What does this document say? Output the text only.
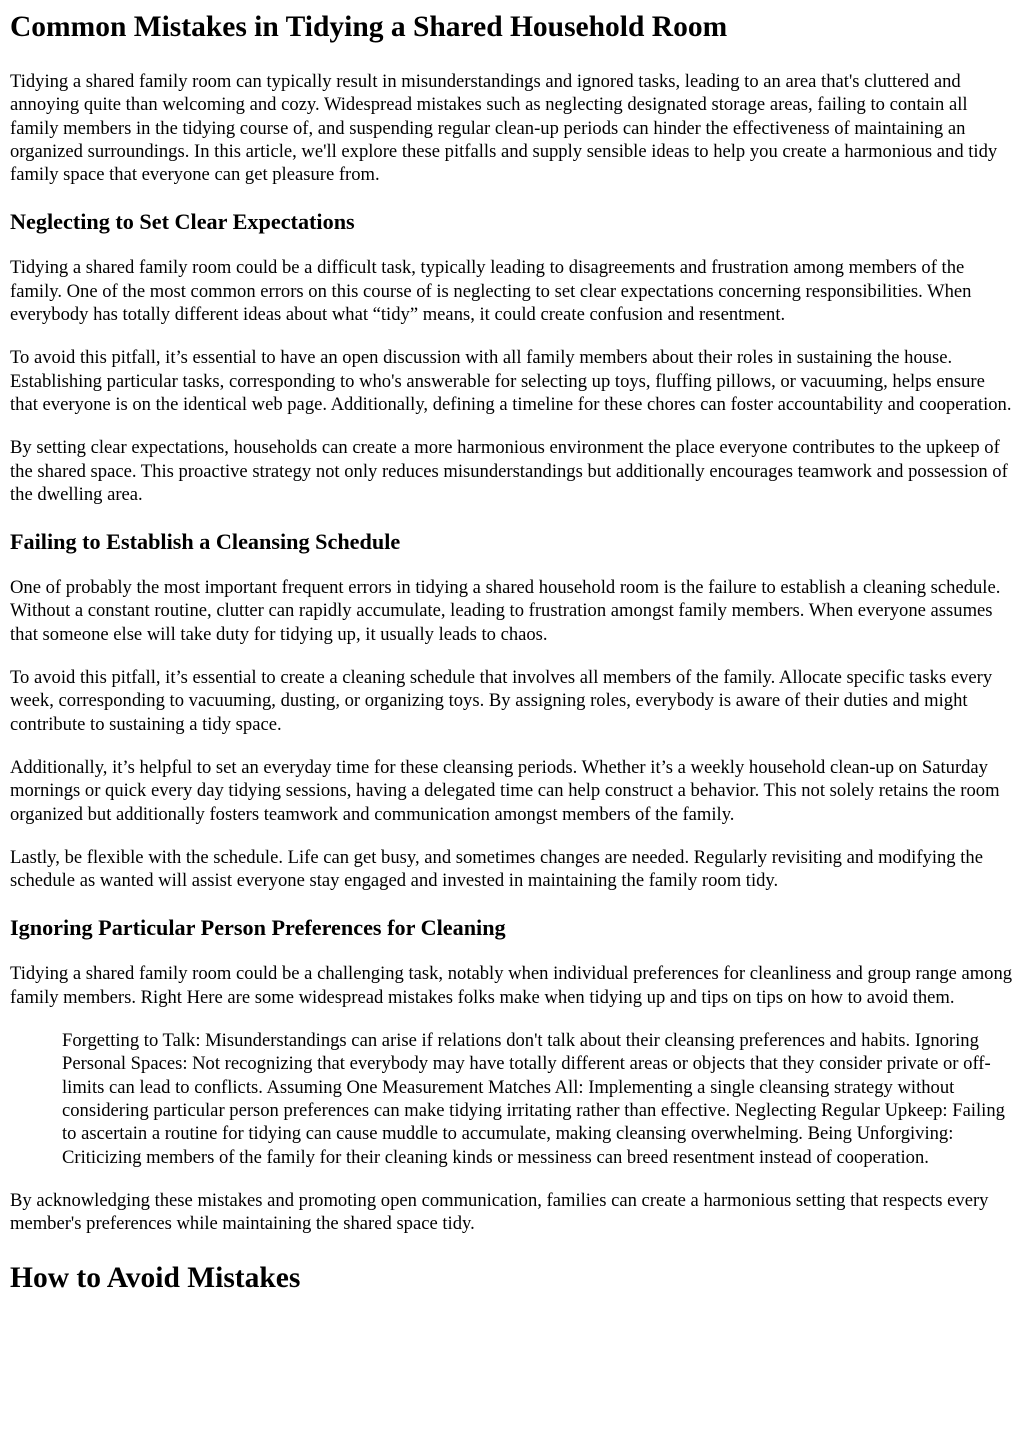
Common Mistakes in Tidying a Shared Household Room

Tidying a shared family room can typically result in misunderstandings and ignored tasks, leading to an area that's cluttered and annoying quite than welcoming and cozy. Widespread mistakes such as neglecting designated storage areas, failing to contain all family members in the tidying course of, and suspending regular clean-up periods can hinder the effectiveness of maintaining an organized surroundings. In this article, we'll explore these pitfalls and supply sensible ideas to help you create a harmonious and tidy family space that everyone can get pleasure from.

Neglecting to Set Clear Expectations

Tidying a shared family room could be a difficult task, typically leading to disagreements and frustration among members of the family. One of the most common errors on this course of is neglecting to set clear expectations concerning responsibilities. When everybody has totally different ideas about what “tidy” means, it could create confusion and resentment.

To avoid this pitfall, it’s essential to have an open discussion with all family members about their roles in sustaining the house. Establishing particular tasks, corresponding to who's answerable for selecting up toys, fluffing pillows, or vacuuming, helps ensure that everyone is on the identical web page. Additionally, defining a timeline for these chores can foster accountability and cooperation.

By setting clear expectations, households can create a more harmonious environment the place everyone contributes to the upkeep of the shared space. This proactive strategy not only reduces misunderstandings but additionally encourages teamwork and possession of the dwelling area.

Failing to Establish a Cleansing Schedule

One of probably the most important frequent errors in tidying a shared household room is the failure to establish a cleaning schedule. Without a constant routine, clutter can rapidly accumulate, leading to frustration amongst family members. When everyone assumes that someone else will take duty for tidying up, it usually leads to chaos.

To avoid this pitfall, it’s essential to create a cleaning schedule that involves all members of the family. Allocate specific tasks every week, corresponding to vacuuming, dusting, or organizing toys. By assigning roles, everybody is aware of their duties and might contribute to sustaining a tidy space.

Additionally, it’s helpful to set an everyday time for these cleansing periods. Whether it’s a weekly household clean-up on Saturday mornings or quick every day tidying sessions, having a delegated time can help construct a behavior. This not solely retains the room organized but additionally fosters teamwork and communication amongst members of the family.

Lastly, be flexible with the schedule. Life can get busy, and sometimes changes are needed. Regularly revisiting and modifying the schedule as wanted will assist everyone stay engaged and invested in maintaining the family room tidy.

Ignoring Particular Person Preferences for Cleaning

Tidying a shared family room could be a challenging task, notably when individual preferences for cleanliness and group range among family members. Right Here are some widespread mistakes folks make when tidying up and tips on tips on how to avoid them.

Forgetting to Talk: Misunderstandings can arise if relations don't talk about their cleansing preferences and habits. Ignoring Personal Spaces: Not recognizing that everybody may have totally different areas or objects that they consider private or off-limits can lead to conflicts. Assuming One Measurement Matches All: Implementing a single cleansing strategy without considering particular person preferences can make tidying irritating rather than effective. Neglecting Regular Upkeep: Failing to ascertain a routine for tidying can cause muddle to accumulate, making cleansing overwhelming. Being Unforgiving: Criticizing members of the family for their cleaning kinds or messiness can breed resentment instead of cooperation.

By acknowledging these mistakes and promoting open communication, families can create a harmonious setting that respects every member's preferences while maintaining the shared space tidy.

How to Avoid Mistakes
